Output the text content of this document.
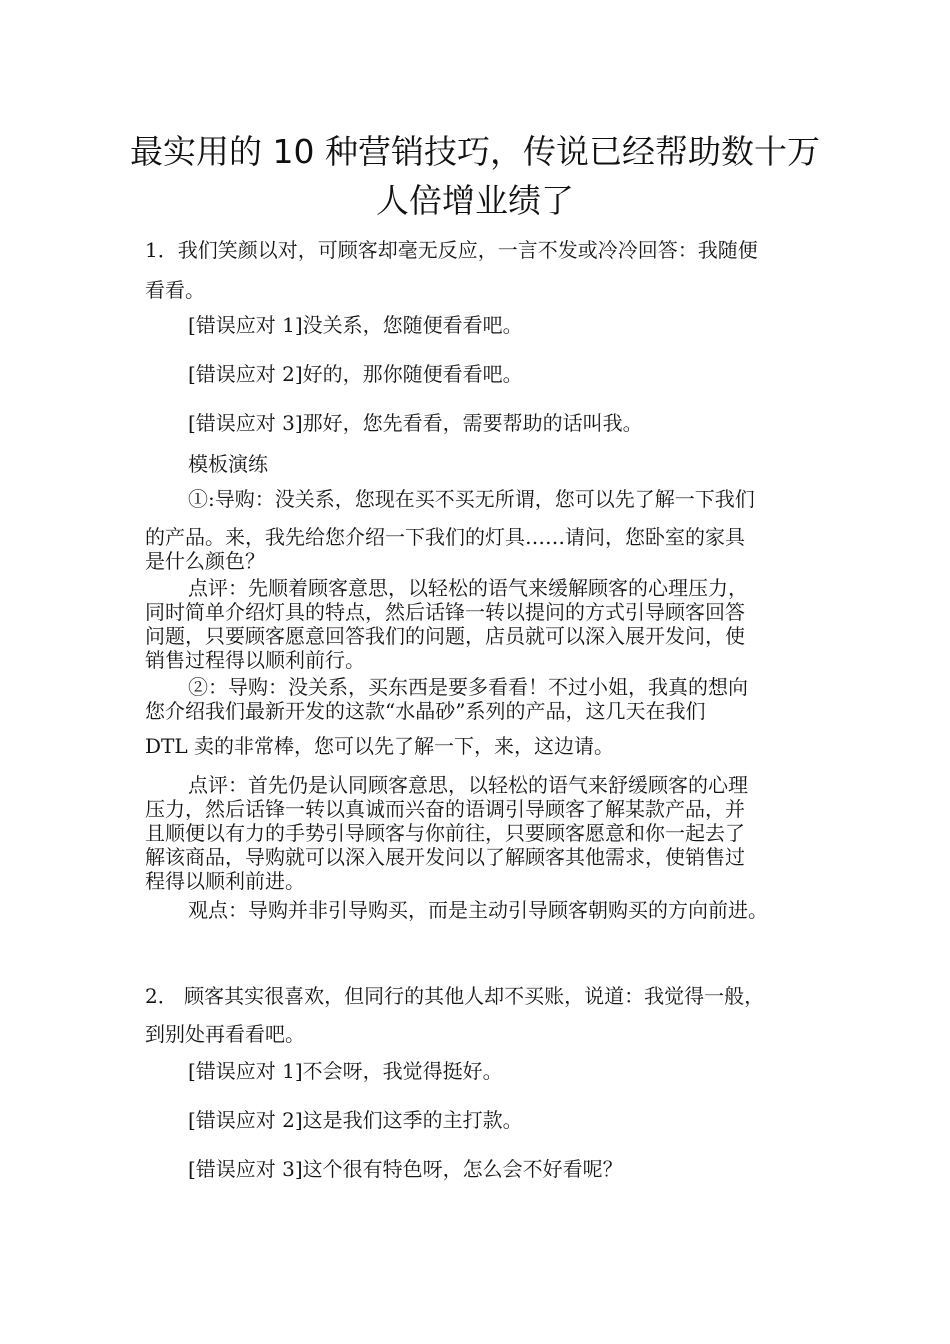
最实用的 10 种营销技巧，传说已经帮助数十万
人倍增业绩了
1．我们笑颜以对，可顾客却毫无反应，一言不发或冷冷回答：我随便
看看。
[错误应对 1]没关系，您随便看看吧。
[错误应对 2]好的，那你随便看看吧。
[错误应对 3]那好，您先看看，需要帮助的话叫我。
模板演练
①:导购：没关系，您现在买不买无所谓，您可以先了解一下我们
的产品。来，我先给您介绍一下我们的灯具……请问，您卧室的家具
是什么颜色？
点评：先顺着顾客意思，以轻松的语气来缓解顾客的心理压力，
同时简单介绍灯具的特点，然后话锋一转以提问的方式引导顾客回答
问题，只要顾客愿意回答我们的问题，店员就可以深入展开发问，使
销售过程得以顺利前行。
②：导购：没关系，买东西是要多看看！不过小姐，我真的想向
您介绍我们最新开发的这款“水晶砂”系列的产品，这几天在我们
DTL 卖的非常棒，您可以先了解一下，来，这边请。
点评：首先仍是认同顾客意思，以轻松的语气来舒缓顾客的心理
压力，然后话锋一转以真诚而兴奋的语调引导顾客了解某款产品，并
且顺便以有力的手势引导顾客与你前往，只要顾客愿意和你一起去了
解该商品，导购就可以深入展开发问以了解顾客其他需求，使销售过
程得以顺利前进。
观点：导购并非引导购买，而是主动引导顾客朝购买的方向前进。
2． 顾客其实很喜欢，但同行的其他人却不买账，说道：我觉得一般，
到别处再看看吧。
[错误应对 1]不会呀，我觉得挺好。
[错误应对 2]这是我们这季的主打款。
[错误应对 3]这个很有特色呀，怎么会不好看呢？
